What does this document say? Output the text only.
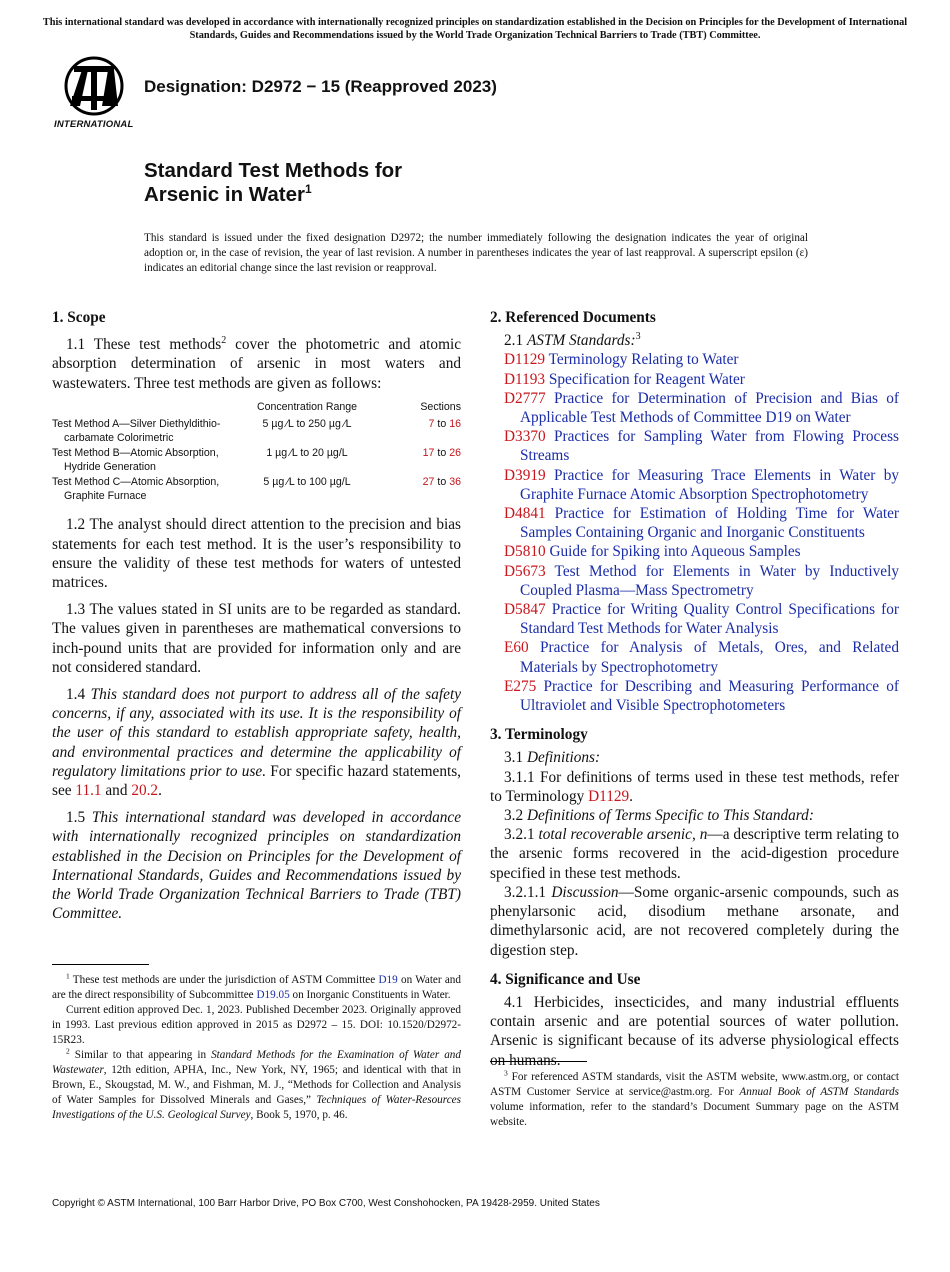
This international standard was developed in accordance with internationally recognized principles on standardization established in the Decision on Principles for the Development of International Standards, Guides and Recommendations issued by the World Trade Organization Technical Barriers to Trade (TBT) Committee.
INTERNATIONAL
Designation: D2972 − 15 (Reapproved 2023)
Standard Test Methods for
Arsenic in Water$^1$
This standard is issued under the fixed designation D2972; the number immediately following the designation indicates the year of original adoption or, in the case of revision, the year of last revision. A number in parentheses indicates the year of last reapproval. A superscript epsilon (ε) indicates an editorial change since the last revision or reapproval.
1. Scope

1.1 These test methods$^2$ cover the photometric and atomic absorption determination of arsenic in most waters and wastewaters. Three test methods are given as follows:

	Concentration Range	Sections
Test Method A—Silver Diethyldithio-carbamate Colorimetric	5 µg ⁄L to 250 µg ⁄L	7 to 16
Test Method B—Atomic Absorption, Hydride Generation	1 µg ⁄L to 20 µg/L	17 to 26
Test Method C—Atomic Absorption, Graphite Furnace	5 µg ⁄L to 100 µg/L	27 to 36

1.2 The analyst should direct attention to the precision and bias statements for each test method. It is the user’s responsibility to ensure the validity of these test methods for waters of untested matrices.

1.3 The values stated in SI units are to be regarded as standard. The values given in parentheses are mathematical conversions to inch-pound units that are provided for information only and are not considered standard.

1.4 This standard does not purport to address all of the safety concerns, if any, associated with its use. It is the responsibility of the user of this standard to establish appropriate safety, health, and environmental practices and determine the applicability of regulatory limitations prior to use. For specific hazard statements, see 11.1 and 20.2.

1.5 This international standard was developed in accordance with internationally recognized principles on standardization established in the Decision on Principles for the Development of International Standards, Guides and Recommendations issued by the World Trade Organization Technical Barriers to Trade (TBT) Committee.

$^1$ These test methods are under the jurisdiction of ASTM Committee D19 on Water and are the direct responsibility of Subcommittee D19.05 on Inorganic Constituents in Water.

Current edition approved Dec. 1, 2023. Published December 2023. Originally approved in 1993. Last previous edition approved in 2015 as D2972 – 15. DOI: 10.1520/D2972-15R23.

$^2$ Similar to that appearing in Standard Methods for the Examination of Water and Wastewater, 12th edition, APHA, Inc., New York, NY, 1965; and identical with that in Brown, E., Skougstad, M. W., and Fishman, M. J., “Methods for Collection and Analysis of Water Samples for Dissolved Minerals and Gases,” Techniques of Water-Resources Investigations of the U.S. Geological Survey, Book 5, 1970, p. 46.

2. Referenced Documents

2.1 ASTM Standards:$^3$

D1129 Terminology Relating to Water

D1193 Specification for Reagent Water

D2777 Practice for Determination of Precision and Bias of Applicable Test Methods of Committee D19 on Water

D3370 Practices for Sampling Water from Flowing Process Streams

D3919 Practice for Measuring Trace Elements in Water by Graphite Furnace Atomic Absorption Spectrophotometry

D4841 Practice for Estimation of Holding Time for Water Samples Containing Organic and Inorganic Constituents

D5810 Guide for Spiking into Aqueous Samples

D5673 Test Method for Elements in Water by Inductively Coupled Plasma—Mass Spectrometry

D5847 Practice for Writing Quality Control Specifications for Standard Test Methods for Water Analysis

E60 Practice for Analysis of Metals, Ores, and Related Materials by Spectrophotometry

E275 Practice for Describing and Measuring Performance of Ultraviolet and Visible Spectrophotometers

3. Terminology

3.1 Definitions:

3.1.1 For definitions of terms used in these test methods, refer to Terminology D1129.

3.2 Definitions of Terms Specific to This Standard:

3.2.1 total recoverable arsenic, n—a descriptive term relating to the arsenic forms recovered in the acid-digestion procedure specified in these test methods.

3.2.1.1 Discussion—Some organic-arsenic compounds, such as phenylarsonic acid, disodium methane arsonate, and dimethylarsonic acid, are not recovered completely during the digestion step.

4. Significance and Use

4.1 Herbicides, insecticides, and many industrial effluents contain arsenic and are potential sources of water pollution. Arsenic is significant because of its adverse physiological effects on humans.

$^3$ For referenced ASTM standards, visit the ASTM website, www.astm.org, or contact ASTM Customer Service at service@astm.org. For Annual Book of ASTM Standards volume information, refer to the standard’s Document Summary page on the ASTM website.

Copyright © ASTM International, 100 Barr Harbor Drive, PO Box C700, West Conshohocken, PA 19428-2959. United States
